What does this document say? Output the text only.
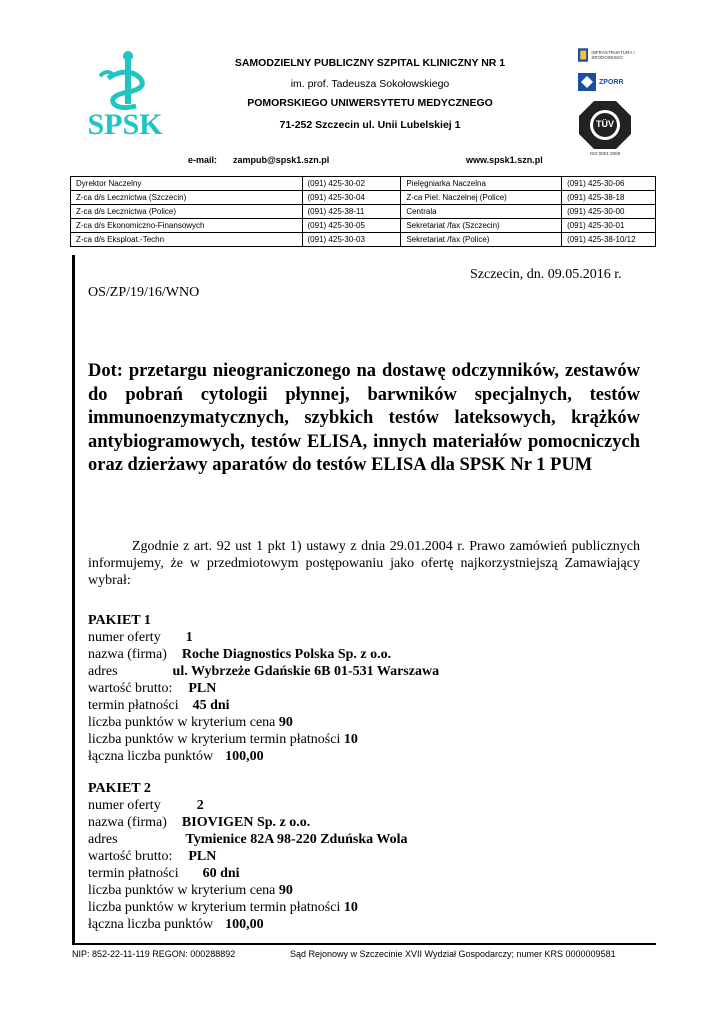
SPSK
SAMODZIELNY PUBLICZNY SZPITAL KLINICZNY NR 1
im. prof. Tadeusza Sokołowskiego
POMORSKIEGO UNIWERSYTETU MEDYCZNEGO
71-252 Szczecin ul. Unii Lubelskiej 1
e-mail: zampub@spsk1.szn.pl	www.spsk1.szn.pl
INFRASTRUKTURA I ŚRODOWISKO
ZPORR
TÜV
ISO 9001:2008
Dyrektor Naczelny	(091) 425-30-02	Pielęgniarka Naczelna	(091) 425-30-06
Z-ca d/s Lecznictwa (Szczecin)	(091) 425-30-04	Z-ca Piel. Naczelnej (Police)	(091) 425-38-18
Z-ca d/s Lecznictwa (Police)	(091) 425-38-11	Centrala	(091) 425-30-00
Z-ca d/s Ekonomiczno-Finansowych	(091) 425-30-05	Sekretariat /fax (Szczecin)	(091) 425-30-01
Z-ca d/s Eksploat.-Techn	(091) 425-30-03	Sekretariat /fax (Police)	(091) 425-38-10/12
Szczecin, dn. 09.05.2016 r.
OS/ZP/19/16/WNO
Dot: przetargu nieograniczonego na dostawę odczynników, zestawów do pobrań cytologii płynnej, barwników specjalnych, testów immunoenzymatycznych, szybkich testów lateksowych, krążków antybiogramowych, testów ELISA, innych materiałów pomocniczych oraz dzierżawy aparatów do testów ELISA dla SPSK Nr 1 PUM
Zgodnie z art. 92 ust 1 pkt 1) ustawy z dnia 29.01.2004 r. Prawo zamówień publicznych informujemy, że w przedmiotowym postępowaniu jako ofertę najkorzystniejszą Zamawiający wybrał:
PAKIET 1
numer oferty 1
nazwa (firma) Roche Diagnostics Polska Sp. z o.o.
adres	ul. Wybrzeże Gdańskie 6B 01-531 Warszawa
wartość brutto: PLN
termin płatności 45 dni
liczba punktów w kryterium cena 90
liczba punktów w kryterium termin płatności 10
łączna liczba punktów 100,00
PAKIET 2
numer oferty	2
nazwa (firma) BIOVIGEN Sp. z o.o.
adres	Tymienice 82A 98-220 Zduńska Wola
wartość brutto: PLN
termin płatności 60 dni
liczba punktów w kryterium cena 90
liczba punktów w kryterium termin płatności 10
łączna liczba punktów 100,00
NIP: 852-22-11-119 REGON: 000288892	Sąd Rejonowy w Szczecinie XVII Wydział Gospodarczy; numer KRS 0000009581
